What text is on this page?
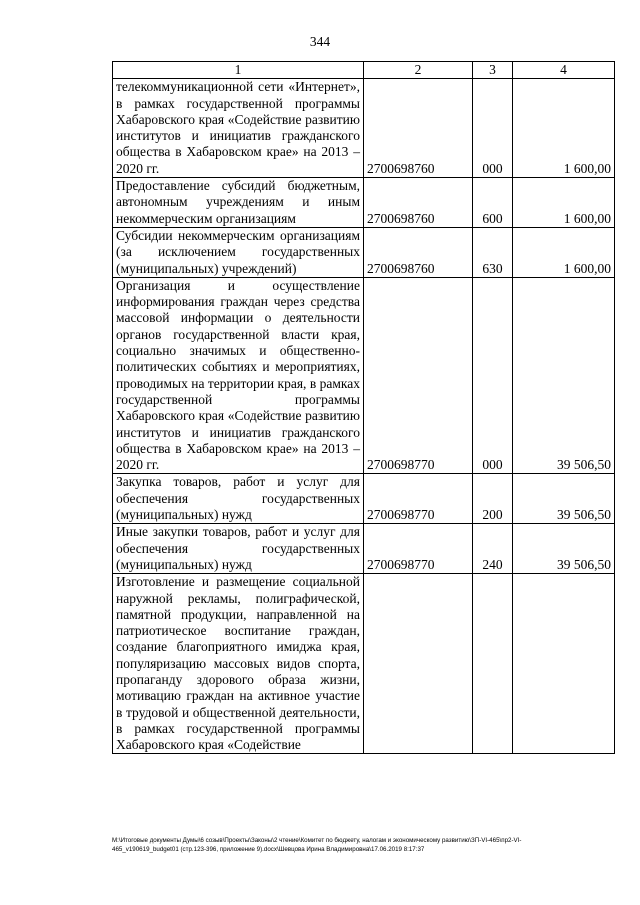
344
1	2	3	4
телекоммуникационной сети «Интернет», в рамках государственной программы Хабаровского края «Содействие развитию институтов и инициатив гражданского общества в Хабаровском крае» на 2013 – 2020 гг.	2700698760	000	1 600,00
Предоставление субсидий бюджетным, автономным учреждениям и иным некоммерческим организациям	2700698760	600	1 600,00
Субсидии некоммерческим организациям (за исключением государственных (муниципальных) учреждений)	2700698760	630	1 600,00
Организация и осуществление информирования граждан через средства массовой информации о деятельности органов государственной власти края, социально значимых и общественно-политических событиях и мероприятиях, проводимых на территории края, в рамках государственной программы Хабаровского края «Содействие развитию институтов и инициатив гражданского общества в Хабаровском крае» на 2013 – 2020 гг.	2700698770	000	39 506,50
Закупка товаров, работ и услуг для обеспечения государственных (муниципальных) нужд	2700698770	200	39 506,50
Иные закупки товаров, работ и услуг для обеспечения государственных (муниципальных) нужд	2700698770	240	39 506,50
Изготовление и размещение социальной наружной рекламы, полиграфической, памятной продукции, направленной на патриотическое воспитание граждан, создание благоприятного имиджа края, популяризацию массовых видов спорта, пропаганду здорового образа жизни, мотивацию граждан на активное участие в трудовой и общественной деятельности, в рамках государственной программы Хабаровского края «Содействие			
M:\Итоговые документы Думы\6 созыв\Проекты\Законы\2 чтение\Комитет по бюджету, налогам и экономическому развитию\ЗП-VI-465\пр2-VI-
465_v190619_budget01 (стр.123-396, приложение 9).docx\Шевцова Ирина Владимировна\17.06.2019 8:17:37
